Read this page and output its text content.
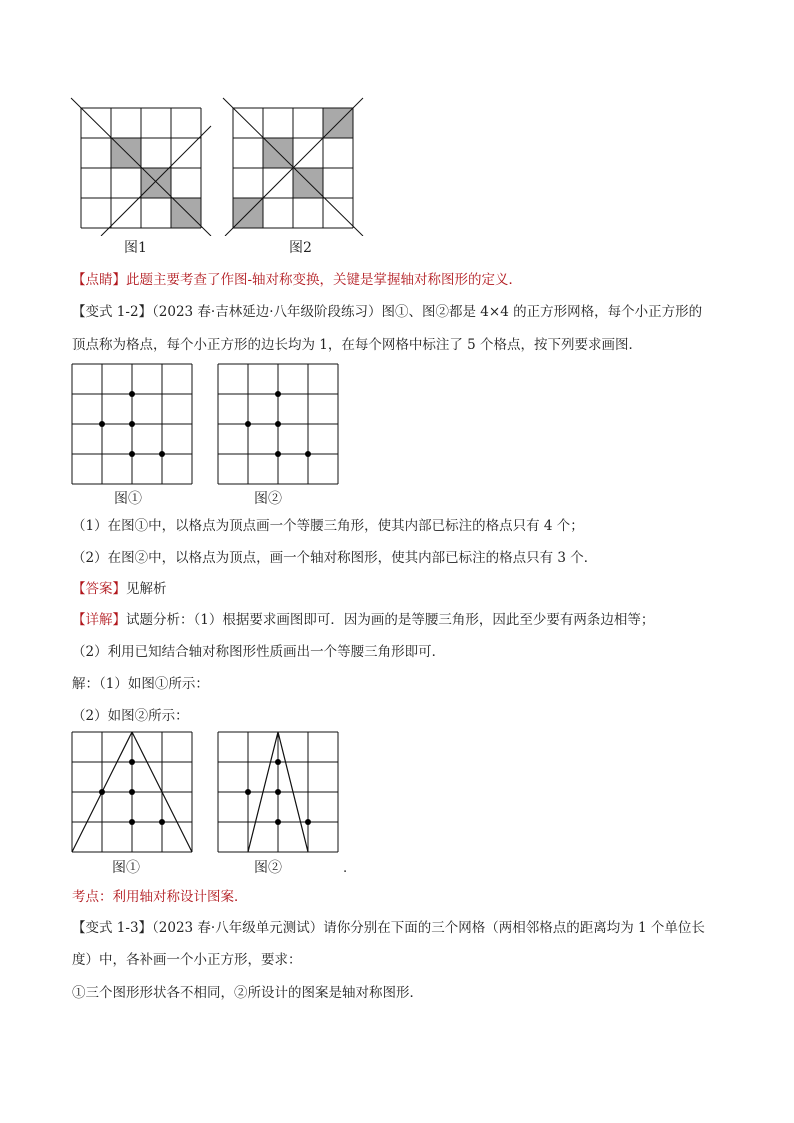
图1	图2
【点睛】此题主要考查了作图-轴对称变换，关键是掌握轴对称图形的定义．
【变式 1-2】（2023 春·吉林延边·八年级阶段练习）图①、图②都是 4×4 的正方形网格，每个小正方形的
顶点称为格点，每个小正方形的边长均为 1，在每个网格中标注了 5 个格点，按下列要求画图．
图①	图②
（1）在图①中，以格点为顶点画一个等腰三角形，使其内部已标注的格点只有 4 个；
（2）在图②中，以格点为顶点，画一个轴对称图形，使其内部已标注的格点只有 3 个．
【答案】见解析
【详解】试题分析：（1）根据要求画图即可．因为画的是等腰三角形，因此至少要有两条边相等；
（2）利用已知结合轴对称图形性质画出一个等腰三角形即可．
解：（1）如图①所示：
（2）如图②所示：
图①	图②	.
考点：利用轴对称设计图案．
【变式 1-3】（2023 春·八年级单元测试）请你分别在下面的三个网格（两相邻格点的距离均为 1 个单位长
度）中，各补画一个小正方形，要求：
①三个图形形状各不相同，②所设计的图案是轴对称图形．
